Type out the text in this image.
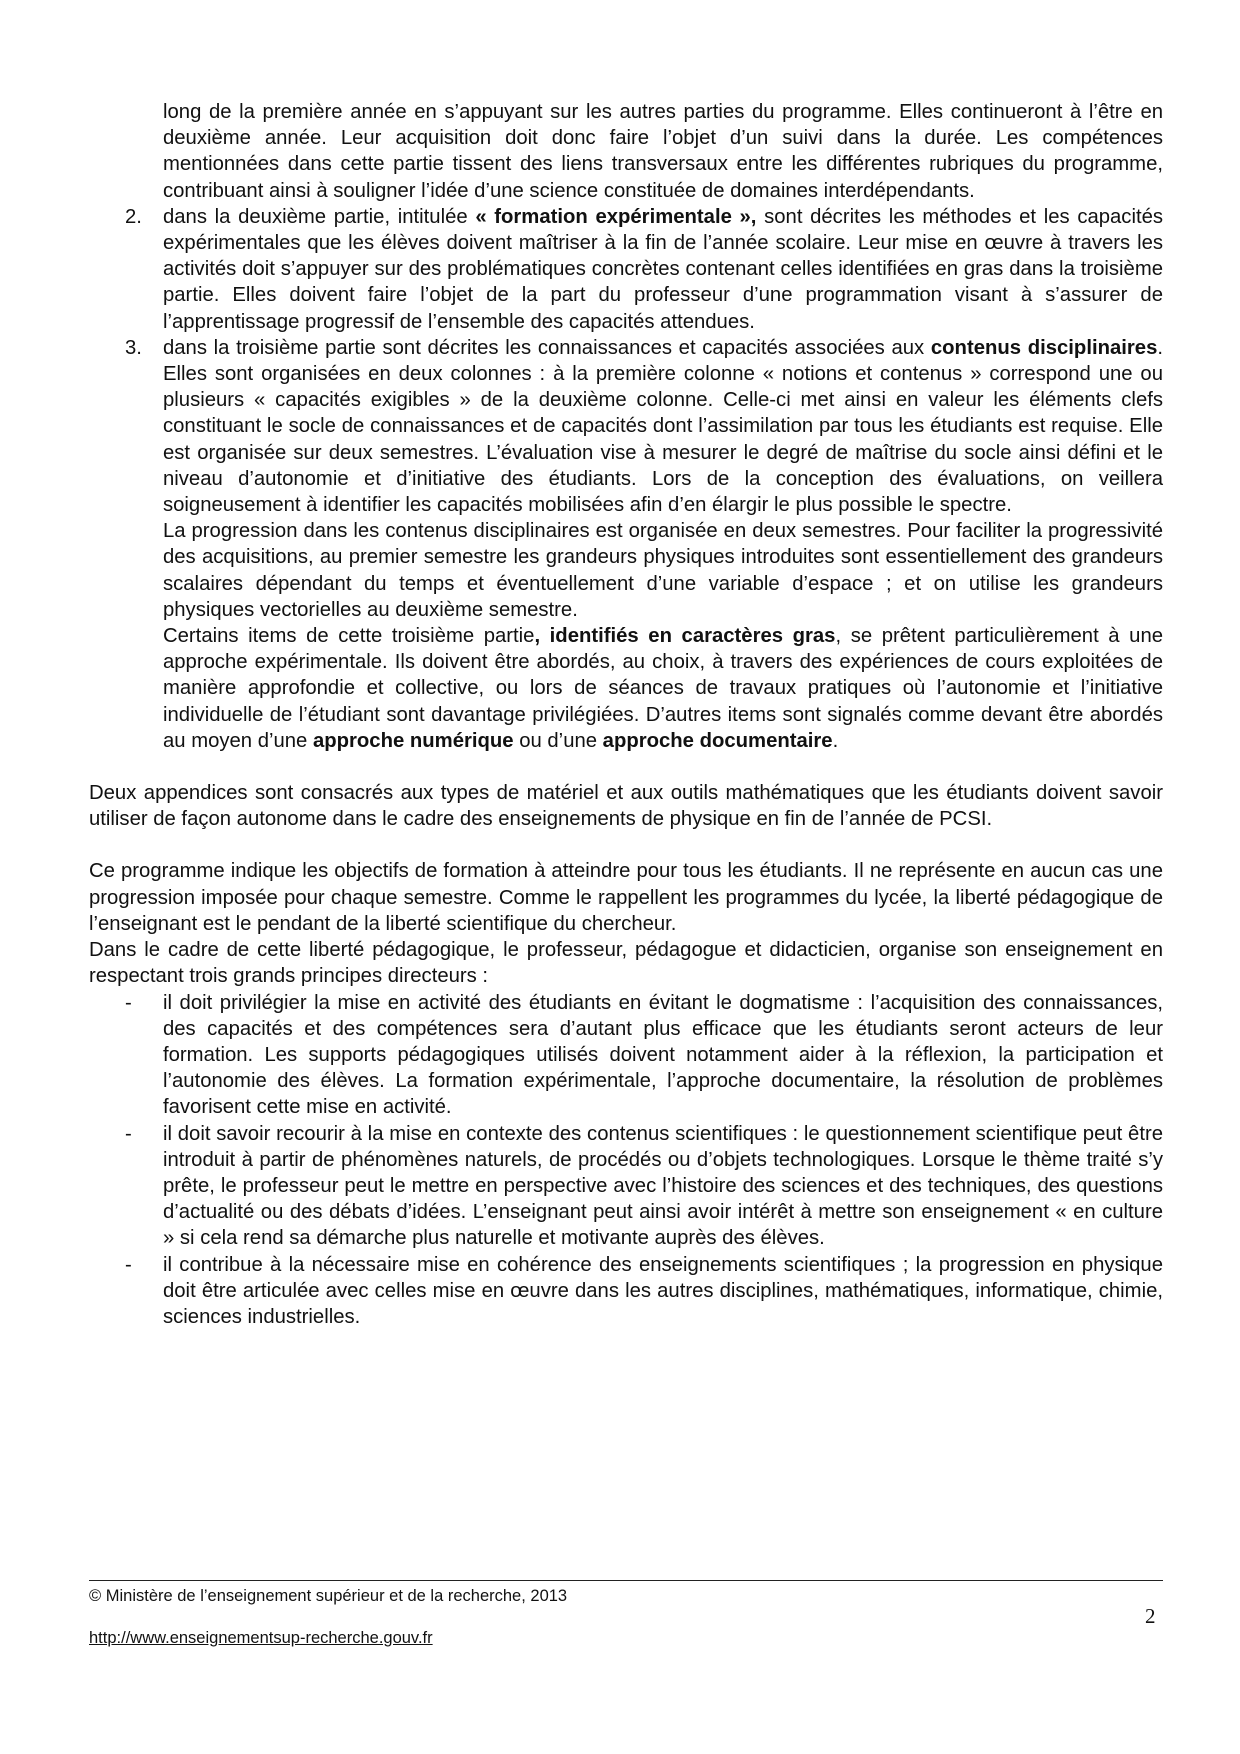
long de la première année en s’appuyant sur les autres parties du programme. Elles continueront à l’être en deuxième année. Leur acquisition doit donc faire l’objet d’un suivi dans la durée. Les compétences mentionnées dans cette partie tissent des liens transversaux entre les différentes rubriques du programme, contribuant ainsi à souligner l’idée d’une science constituée de domaines interdépendants.

2. dans la deuxième partie, intitulée « formation expérimentale », sont décrites les méthodes et les capacités expérimentales que les élèves doivent maîtriser à la fin de l’année scolaire. Leur mise en œuvre à travers les activités doit s’appuyer sur des problématiques concrètes contenant celles identifiées en gras dans la troisième partie. Elles doivent faire l’objet de la part du professeur d’une programmation visant à s’assurer de l’apprentissage progressif de l’ensemble des capacités attendues.

3. dans la troisième partie sont décrites les connaissances et capacités associées aux contenus disciplinaires. Elles sont organisées en deux colonnes : à la première colonne « notions et contenus » correspond une ou plusieurs « capacités exigibles » de la deuxième colonne. Celle-ci met ainsi en valeur les éléments clefs constituant le socle de connaissances et de capacités dont l’assimilation par tous les étudiants est requise. Elle est organisée sur deux semestres. L’évaluation vise à mesurer le degré de maîtrise du socle ainsi défini et le niveau d’autonomie et d’initiative des étudiants. Lors de la conception des évaluations, on veillera soigneusement à identifier les capacités mobilisées afin d’en élargir le plus possible le spectre.

La progression dans les contenus disciplinaires est organisée en deux semestres. Pour faciliter la progressivité des acquisitions, au premier semestre les grandeurs physiques introduites sont essentiellement des grandeurs scalaires dépendant du temps et éventuellement d’une variable d’espace ; et on utilise les grandeurs physiques vectorielles au deuxième semestre.

Certains items de cette troisième partie, identifiés en caractères gras, se prêtent particulièrement à une approche expérimentale. Ils doivent être abordés, au choix, à travers des expériences de cours exploitées de manière approfondie et collective, ou lors de séances de travaux pratiques où l’autonomie et l’initiative individuelle de l’étudiant sont davantage privilégiées. D’autres items sont signalés comme devant être abordés au moyen d’une approche numérique ou d’une approche documentaire.

Deux appendices sont consacrés aux types de matériel et aux outils mathématiques que les étudiants doivent savoir utiliser de façon autonome dans le cadre des enseignements de physique en fin de l’année de PCSI.

Ce programme indique les objectifs de formation à atteindre pour tous les étudiants. Il ne représente en aucun cas une progression imposée pour chaque semestre. Comme le rappellent les programmes du lycée, la liberté pédagogique de l’enseignant est le pendant de la liberté scientifique du chercheur.

Dans le cadre de cette liberté pédagogique, le professeur, pédagogue et didacticien, organise son enseignement en respectant trois grands principes directeurs :

- il doit privilégier la mise en activité des étudiants en évitant le dogmatisme : l’acquisition des connaissances, des capacités et des compétences sera d’autant plus efficace que les étudiants seront acteurs de leur formation. Les supports pédagogiques utilisés doivent notamment aider à la réflexion, la participation et l’autonomie des élèves. La formation expérimentale, l’approche documentaire, la résolution de problèmes favorisent cette mise en activité.

- il doit savoir recourir à la mise en contexte des contenus scientifiques : le questionnement scientifique peut être introduit à partir de phénomènes naturels, de procédés ou d’objets technologiques. Lorsque le thème traité s’y prête, le professeur peut le mettre en perspective avec l’histoire des sciences et des techniques, des questions d’actualité ou des débats d’idées. L’enseignant peut ainsi avoir intérêt à mettre son enseignement « en culture » si cela rend sa démarche plus naturelle et motivante auprès des élèves.

- il contribue à la nécessaire mise en cohérence des enseignements scientifiques ; la progression en physique doit être articulée avec celles mise en œuvre dans les autres disciplines, mathématiques, informatique, chimie, sciences industrielles.

© Ministère de l’enseignement supérieur et de la recherche, 2013
2
http://www.enseignementsup-recherche.gouv.fr
